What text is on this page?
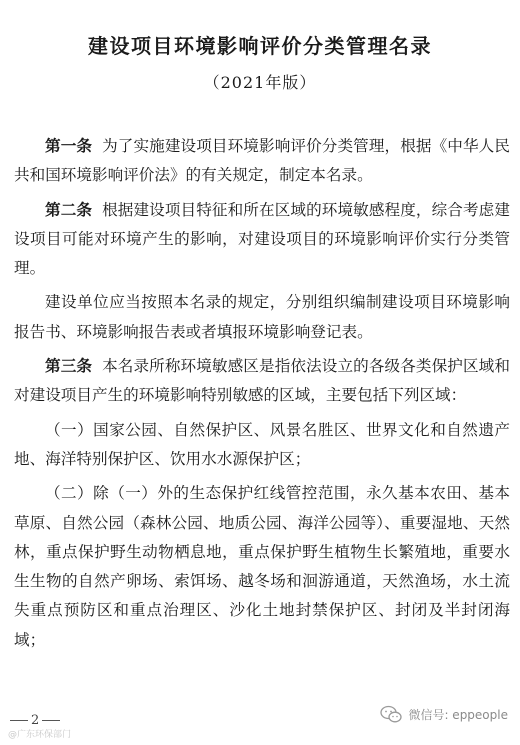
建设项目环境影响评价分类管理名录
（2021年版）

第一条 为了实施建设项目环境影响评价分类管理，根据《中华人民共和国环境影响评价法》的有关规定，制定本名录。

第二条 根据建设项目特征和所在区域的环境敏感程度，综合考虑建设项目可能对环境产生的影响，对建设项目的环境影响评价实行分类管理。

建设单位应当按照本名录的规定，分别组织编制建设项目环境影响报告书、环境影响报告表或者填报环境影响登记表。

第三条 本名录所称环境敏感区是指依法设立的各级各类保护区域和对建设项目产生的环境影响特别敏感的区域，主要包括下列区域：

（一）国家公园、自然保护区、风景名胜区、世界文化和自然遗产地、海洋特别保护区、饮用水水源保护区；

（二）除（一）外的生态保护红线管控范围，永久基本农田、基本草原、自然公园（森林公园、地质公园、海洋公园等）、重要湿地、天然林，重点保护野生动物栖息地，重点保护野生植物生长繁殖地，重要水生生物的自然产卵场、索饵场、越冬场和洄游通道，天然渔场，水土流失重点预防区和重点治理区、沙化土地封禁保护区、封闭及半封闭海域；

2
@广东环保部门
微信号: eppeople
